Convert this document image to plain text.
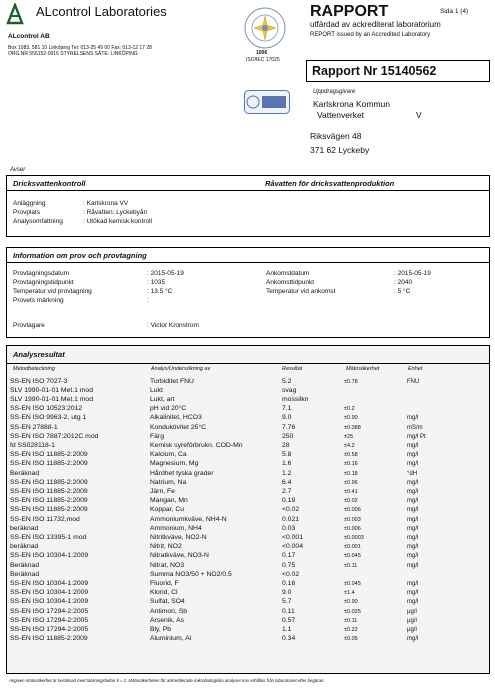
ALcontrol Laboratories
ALcontrol AB
Box 1083, 581 10 Linköping Tel: 013-25 49 00 Fax: 013-12 17 28
ORG.NR 556152-0916 STYRELSENS SÄTE: LINKÖPING	1006
ISO/IEC 17025
RAPPORT	Sida 1 (4)
utfärdad av ackrediterat laboratorium
REPORT issued by an Accredited Laboratory
Rapport Nr 15140562
Uppdragsgivare
Karlskrona Kommun
Vattenverket	V
Riksvägen 48
371 62 Lyckeby
Avser
Dricksvattenkontroll	Råvatten för dricksvattenproduktion
Anläggning	: Karlskrona VV
Provplats	: Råvatten: Lyckebyån
Analysomfattning	: Utökad kemisk kontroll
Information om prov och provtagning
Provtagningsdatum	: 2015-05-19
Provtagningstidpunkt	: 1035
Temperatur vid provtagning	: 13.5 °C
Provets märkning	:
Ankomstdatum	: 2015-05-19
Ankomsttidpunkt	: 2040
Temperatur vid ankomst	: 5 °C
Provtagare	: Victor Kronstrom
Analysresultat
Metodbeteckning	Analys/Undersökning av	Resultat	Mätosäkerhet	Enhet
SS-EN ISO 7027-3	Turbiditet FNU	5.2	±0.78	FNU
SLV 1990-01-01 Met.1 mod	Lukt	svag
SLV 1990-01-01 Met.1 mod	Lukt, art	mossilkn
SS-EN ISO 10523:2012	pH vid 20°C	7.1	±0.2
SS-EN ISO 9963-2, utg 1	Alkalinitet, HCO3	9.0	±0.90	mg/l
SS-EN 27888-1	Konduktivitet 25°C	7.76	±0.388	mS/m
SS-EN ISO 7887:2012C mod	Färg	250	±25	mg/l Pt
fd SS028118-1	Kemisk syreförbrukn. COD-Mn	28	±4.2	mg/l
SS-EN ISO 11885-2:2009	Kalcium, Ca	5.8	±0.58	mg/l
SS-EN ISO 11885-2:2009	Magnesium, Mg	1.6	±0.16	mg/l
Beräknad	Hårdhet tyska grader	1.2	±0.18	°dH
SS-EN ISO 11885-2:2009	Natrium, Na	6.4	±0.96	mg/l
SS-EN ISO 11885-2:2009	Järn, Fe	2.7	±0.41	mg/l
SS-EN ISO 11885-2:2009	Mangan, Mn	0.19	±0.02	mg/l
SS-EN ISO 11885-2:2009	Koppar, Cu	<0.02	±0.006	mg/l
SS-EN ISO 11732,mod	Ammoniumkväve, NH4-N	0.021	±0.003	mg/l
beräknad	Ammonium, NH4	0.03	±0.006	mg/l
SS-EN ISO 13395-1 mod	Nitritkväve, NO2-N	<0.001	±0.0003	mg/l
beräknad	Nitrit, NO2	<0.004	±0.001	mg/l
SS-EN ISO 10304-1:2009	Nitratkväve, NO3-N	0.17	±0.045	mg/l
Beräknad	Nitrat, NO3	0.75	±0.11	mg/l
Beräknad	Summa NO3/50 + NO2/0.5	<0.02
SS-EN ISO 10304-1:2009	Fluorid, F	0.16	±0.045	mg/l
SS-EN ISO 10304-1:2009	Klorid, Cl	9.0	±1.4	mg/l
SS-EN ISO 10304-1:2009	Sulfat, SO4	5.7	±0.90	mg/l
SS-EN ISO 17294-2:2005	Antimon, Sb	0.11	±0.025	µg/l
SS-EN ISO 17294-2:2005	Arsenik, As	0.57	±0.11	µg/l
SS-EN ISO 17294-2:2005	Bly, Pb	1.1	±0.22	µg/l
SS-EN ISO 11885-2:2009	Aluminium, Al	0.34	±0.05	mg/l
Angiven mätosäkerhet är beräknad med täckningsfaktor k = 2. Mätosäkerheten för ackrediterade mikrobiologiska analyser kan erhållas från laboratoriet efter begäran.
